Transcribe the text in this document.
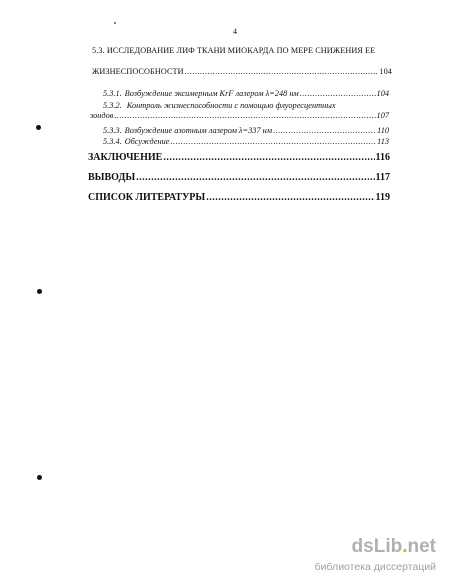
4
5.3. ИССЛЕДОВАНИЕ ЛИФ ТКАНИ МИОКАРДА ПО МЕРЕ СНИЖЕНИЯ ЕЕ
ЖИЗНЕСПОСОБНОСТИ .....	104
5.3.1. Возбуждение эксимерным KrF лазером λ=248 нм .....	104
5.3.2. Контроль жизнеспособности с помощью флуоресцентных
зондов .....	107
5.3.3. Возбуждение азотным лазером λ=337 нм .....	110
5.3.4. Обсуждение .....	113
ЗАКЛЮЧЕНИЕ .....	116
ВЫВОДЫ .....	117
СПИСОК ЛИТЕРАТУРЫ .....	119
dsLib.net
библиотека диссертаций
